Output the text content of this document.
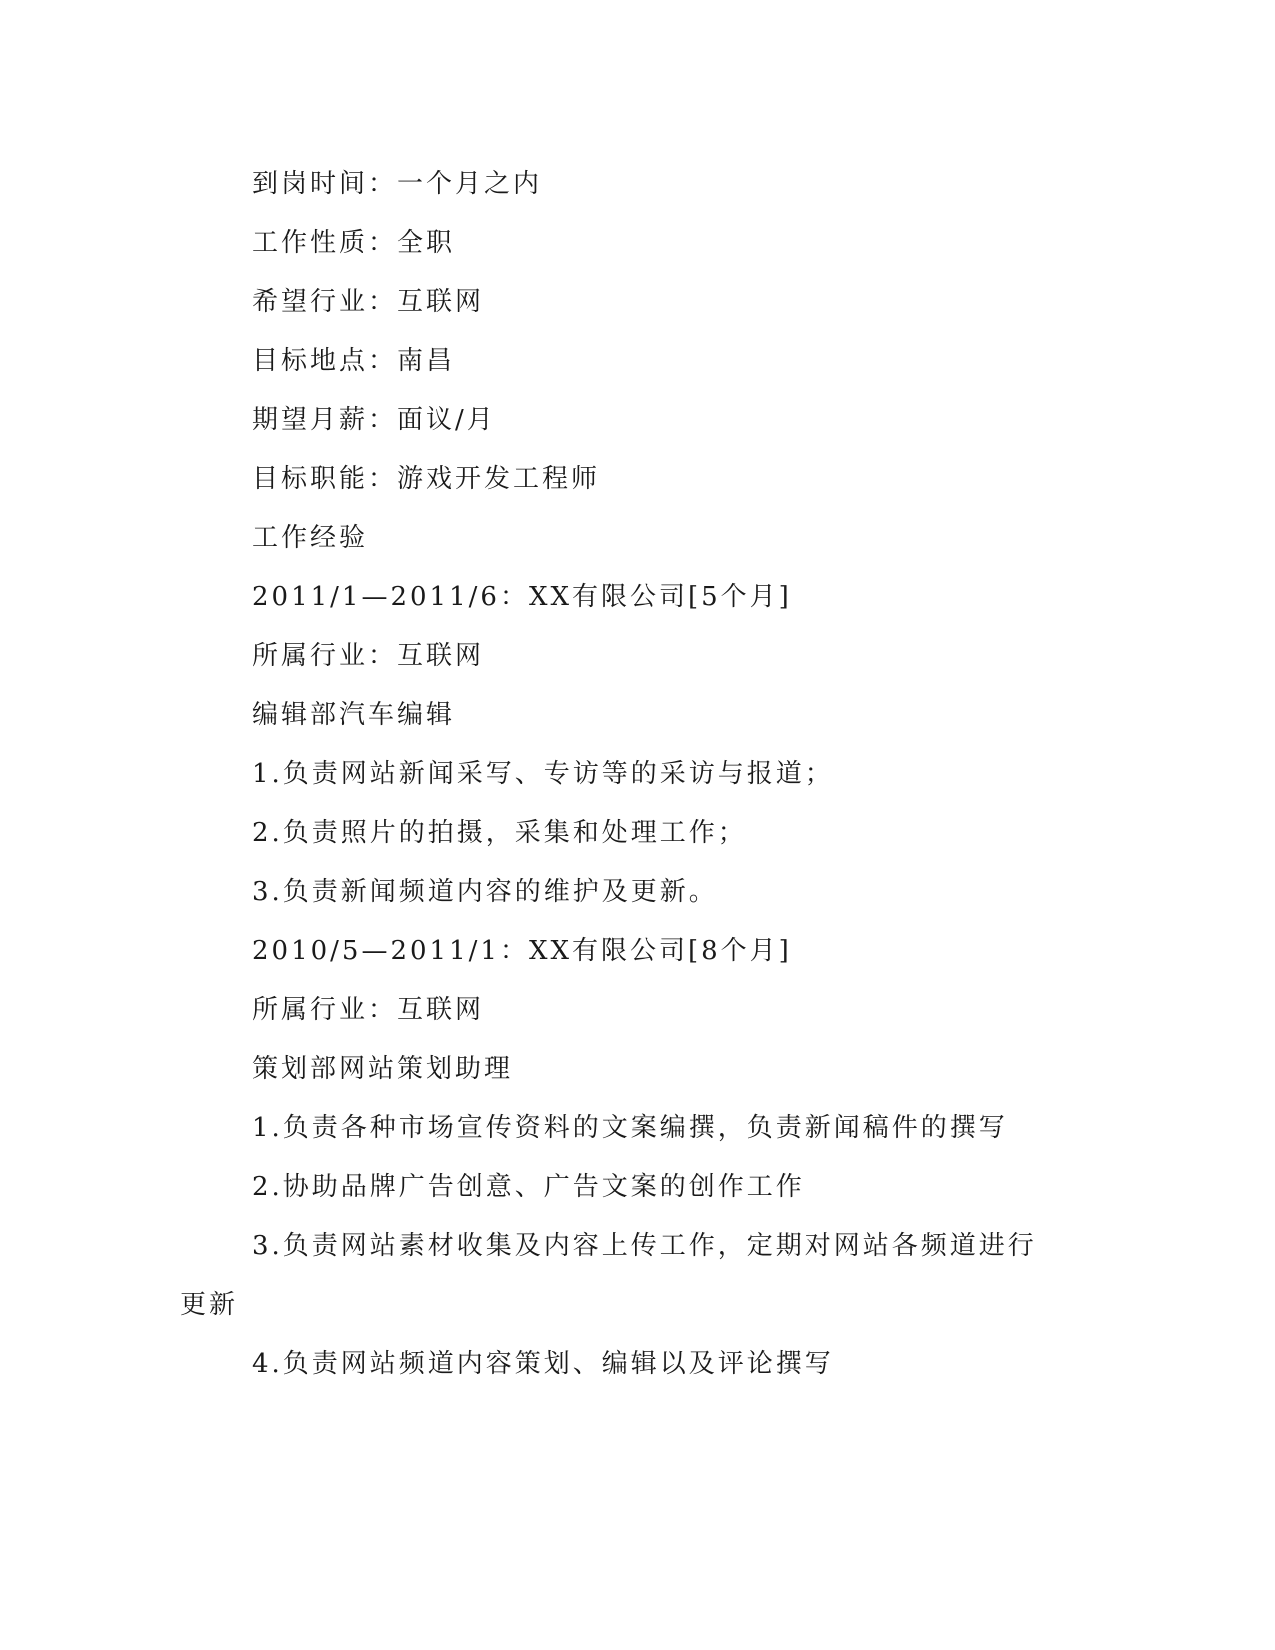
到岗时间：一个月之内

工作性质：全职

希望行业：互联网

目标地点：南昌

期望月薪：面议/月

目标职能：游戏开发工程师

工作经验

2011/1—2011/6：XX有限公司[5个月]

所属行业：互联网

编辑部汽车编辑

1.负责网站新闻采写、专访等的采访与报道；

2.负责照片的拍摄，采集和处理工作；

3.负责新闻频道内容的维护及更新。

2010/5—2011/1：XX有限公司[8个月]

所属行业：互联网

策划部网站策划助理

1.负责各种市场宣传资料的文案编撰，负责新闻稿件的撰写

2.协助品牌广告创意、广告文案的创作工作

3.负责网站素材收集及内容上传工作，定期对网站各频道进行更新

4.负责网站频道内容策划、编辑以及评论撰写
